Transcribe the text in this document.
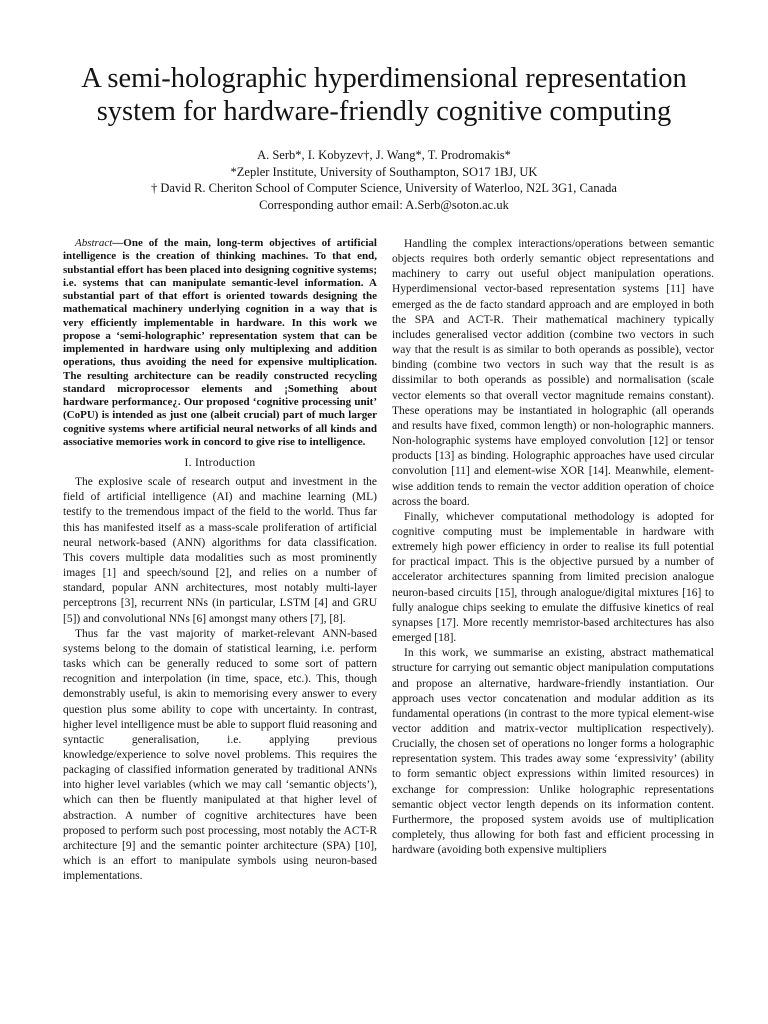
A semi-holographic hyperdimensional representation
system for hardware-friendly cognitive computing
A. Serb*, I. Kobyzev†, J. Wang*, T. Prodromakis*
*Zepler Institute, University of Southampton, SO17 1BJ, UK
† David R. Cheriton School of Computer Science, University of Waterloo, N2L 3G1, Canada
Corresponding author email: A.Serb@soton.ac.uk

Abstract—One of the main, long-term objectives of artificial intelligence is the creation of thinking machines. To that end, substantial effort has been placed into designing cognitive systems; i.e. systems that can manipulate semantic-level information. A substantial part of that effort is oriented towards designing the mathematical machinery underlying cognition in a way that is very efficiently implementable in hardware. In this work we propose a ‘semi-holographic’ representation system that can be implemented in hardware using only multiplexing and addition operations, thus avoiding the need for expensive multiplication. The resulting architecture can be readily constructed recycling standard microprocessor elements and ¡Something about hardware performance¿. Our proposed ‘cognitive processing unit’ (CoPU) is intended as just one (albeit crucial) part of much larger cognitive systems where artificial neural networks of all kinds and associative memories work in concord to give rise to intelligence.

I. Introduction

The explosive scale of research output and investment in the field of artificial intelligence (AI) and machine learning (ML) testify to the tremendous impact of the field to the world. Thus far this has manifested itself as a mass-scale proliferation of artificial neural network-based (ANN) algorithms for data classification. This covers multiple data modalities such as most prominently images [1] and speech/sound [2], and relies on a number of standard, popular ANN architectures, most notably multi-layer perceptrons [3], recurrent NNs (in particular, LSTM [4] and GRU [5]) and convolutional NNs [6] amongst many others [7], [8].

Thus far the vast majority of market-relevant ANN-based systems belong to the domain of statistical learning, i.e. perform tasks which can be generally reduced to some sort of pattern recognition and interpolation (in time, space, etc.). This, though demonstrably useful, is akin to memorising every answer to every question plus some ability to cope with uncertainty. In contrast, higher level intelligence must be able to support fluid reasoning and syntactic generalisation, i.e. applying previous knowledge/experience to solve novel problems. This requires the packaging of classified information generated by traditional ANNs into higher level variables (which we may call ‘semantic objects’), which can then be fluently manipulated at that higher level of abstraction. A number of cognitive architectures have been proposed to perform such post processing, most notably the ACT-R architecture [9] and the semantic pointer architecture (SPA) [10], which is an effort to manipulate symbols using neuron-based implementations.

Handling the complex interactions/operations between semantic objects requires both orderly semantic object representations and machinery to carry out useful object manipulation operations. Hyperdimensional vector-based representation systems [11] have emerged as the de facto standard approach and are employed in both the SPA and ACT-R. Their mathematical machinery typically includes generalised vector addition (combine two vectors in such way that the result is as similar to both operands as possible), vector binding (combine two vectors in such way that the result is as dissimilar to both operands as possible) and normalisation (scale vector elements so that overall vector magnitude remains constant). These operations may be instantiated in holographic (all operands and results have fixed, common length) or non-holographic manners. Non-holographic systems have employed convolution [12] or tensor products [13] as binding. Holographic approaches have used circular convolution [11] and element-wise XOR [14]. Meanwhile, element-wise addition tends to remain the vector addition operation of choice across the board.

Finally, whichever computational methodology is adopted for cognitive computing must be implementable in hardware with extremely high power efficiency in order to realise its full potential for practical impact. This is the objective pursued by a number of accelerator architectures spanning from limited precision analogue neuron-based circuits [15], through analogue/digital mixtures [16] to fully analogue chips seeking to emulate the diffusive kinetics of real synapses [17]. More recently memristor-based architectures has also emerged [18].

In this work, we summarise an existing, abstract mathematical structure for carrying out semantic object manipulation computations and propose an alternative, hardware-friendly instantiation. Our approach uses vector concatenation and modular addition as its fundamental operations (in contrast to the more typical element-wise vector addition and matrix-vector multiplication respectively). Crucially, the chosen set of operations no longer forms a holographic representation system. This trades away some ‘expressivity’ (ability to form semantic object expressions within limited resources) in exchange for compression: Unlike holographic representations semantic object vector length depends on its information content. Furthermore, the proposed system avoids use of multiplication completely, thus allowing for both fast and efficient processing in hardware (avoiding both expensive multipliers
